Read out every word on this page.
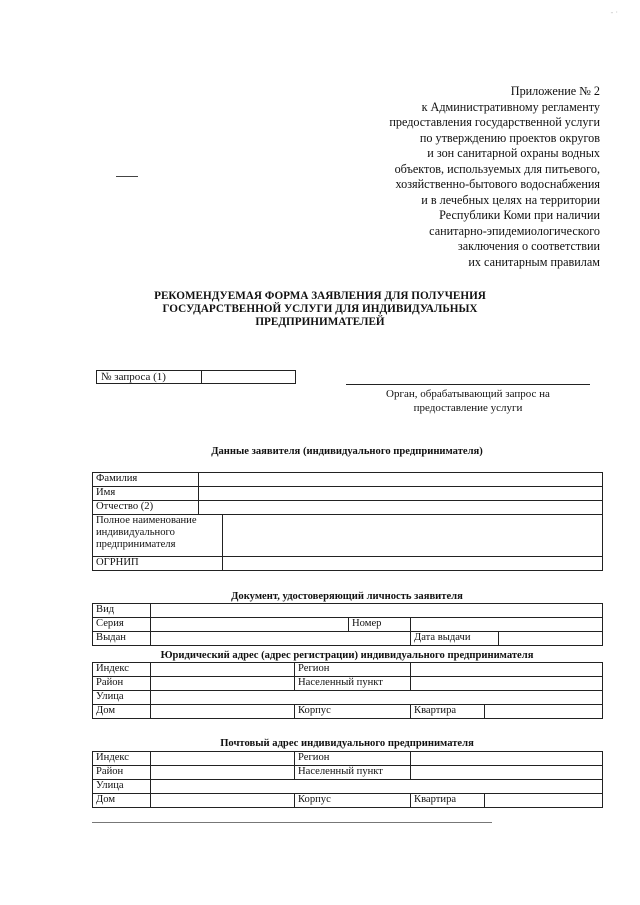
- ·
Приложение № 2
к Административному регламенту
предоставления государственной услуги
по утверждению проектов округов
и зон санитарной охраны водных
объектов, используемых для питьевого,
хозяйственно-бытового водоснабжения
и в лечебных целях на территории
Республики Коми при наличии
санитарно-эпидемиологического
заключения о соответствии
их санитарным правилам
РЕКОМЕНДУЕМАЯ ФОРМА ЗАЯВЛЕНИЯ ДЛЯ ПОЛУЧЕНИЯ
ГОСУДАРСТВЕННОЙ УСЛУГИ ДЛЯ ИНДИВИДУАЛЬНЫХ
ПРЕДПРИНИМАТЕЛЕЙ
№ запроса (1)
Орган, обрабатывающий запрос на
предоставление услуги
Данные заявителя (индивидуального предпринимателя)
Фамилия		
Имя		
Отчество (2)		

Полное наименование
индивидуального
предпринимателя		

ОГРНИП		
Документ, удостоверяющий личность заявителя
Вид				
Серия		Номер		
Выдан			Дата выдачи	
Юридический адрес (адрес регистрации) индивидуального предпринимателя
Индекс		Регион		
Район		Населенный пункт		
Улица				
Дом		Корпус	Квартира	
Почтовый адрес индивидуального предпринимателя
Индекс		Регион		
Район		Населенный пункт		
Улица				
Дом		Корпус	Квартира	
